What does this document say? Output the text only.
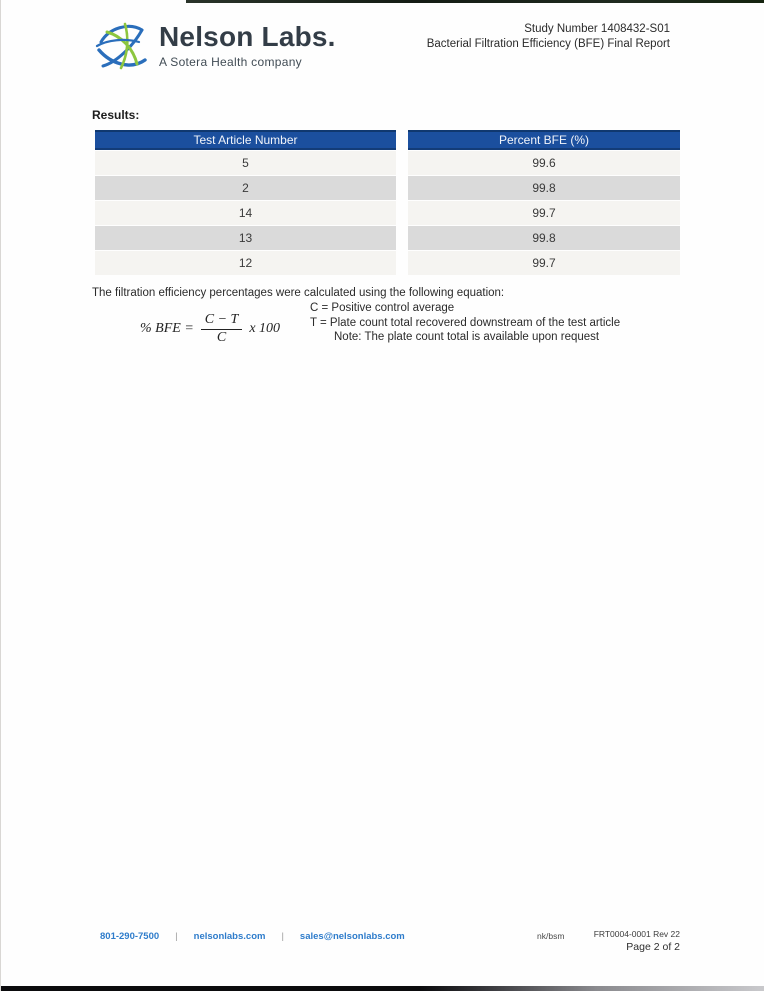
Nelson Labs.
A Sotera Health company
Study Number 1408432-S01
Bacterial Filtration Efficiency (BFE) Final Report
Results:
Test Article Number	Percent BFE (%)
5	99.6
2	99.8
14	99.7
13	99.8
12	99.7
The filtration efficiency percentages were calculated using the following equation:
% BFE = $\frac{C - T}{C}$ x 100
C = Positive control average
T = Plate count total recovered downstream of the test article
Note: The plate count total is available upon request
801-290-7500 | nelsonlabs.com | sales@nelsonlabs.com	nk/bsm	FRT0004-0001 Rev 22
Page 2 of 2
